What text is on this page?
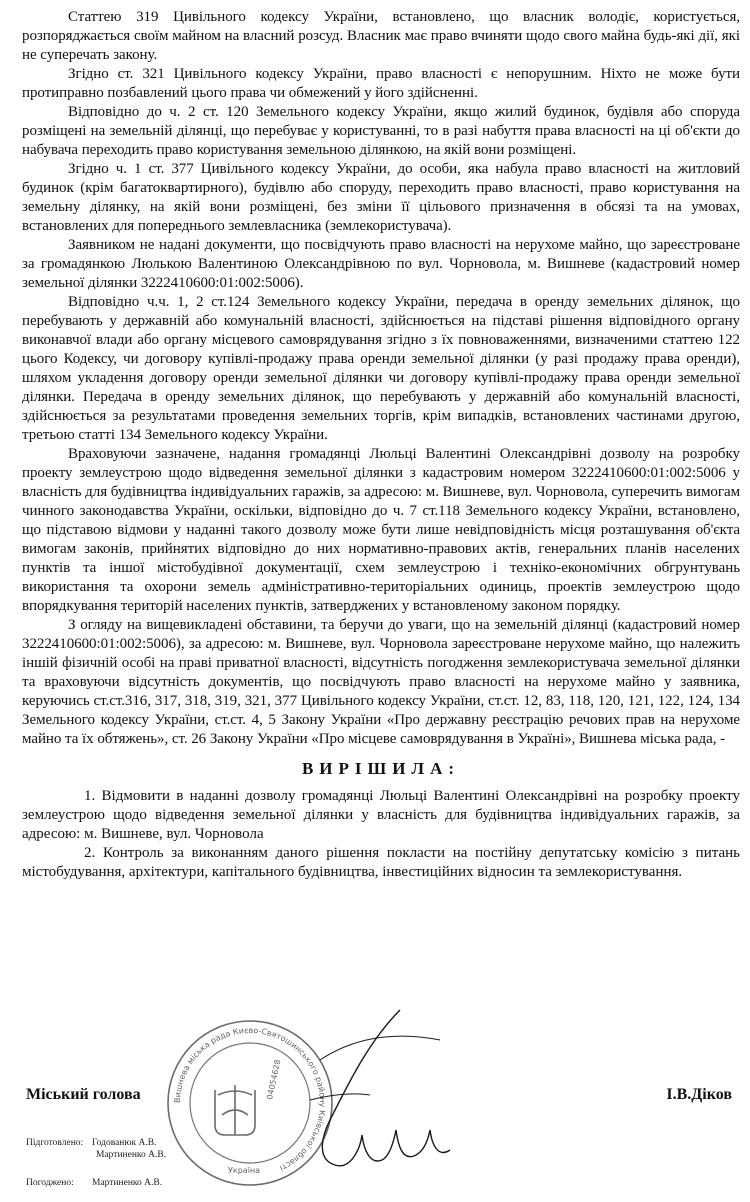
Статтею 319 Цивільного кодексу України, встановлено, що власник володіє, користується, розпоряджається своїм майном на власний розсуд. Власник має право вчиняти щодо свого майна будь-які дії, які не суперечать закону.

Згідно ст. 321 Цивільного кодексу України, право власності є непорушним. Ніхто не може бути протиправно позбавлений цього права чи обмежений у його здійсненні.

Відповідно до ч. 2 ст. 120 Земельного кодексу України, якщо жилий будинок, будівля або споруда розміщені на земельній ділянці, що перебуває у користуванні, то в разі набуття права власності на ці об'єкти до набувача переходить право користування земельною ділянкою, на якій вони розміщені.

Згідно ч. 1 ст. 377 Цивільного кодексу України, до особи, яка набула право власності на житловий будинок (крім багатоквартирного), будівлю або споруду, переходить право власності, право користування на земельну ділянку, на якій вони розміщені, без зміни її цільового призначення в обсязі та на умовах, встановлених для попереднього землевласника (землекористувача).

Заявником не надані документи, що посвідчують право власності на нерухоме майно, що зареєстроване за громадянкою Люлькою Валентиною Олександрівною по вул. Чорновола, м. Вишневе (кадастровий номер земельної ділянки 3222410600:01:002:5006).

Відповідно ч.ч. 1, 2 ст.124 Земельного кодексу України, передача в оренду земельних ділянок, що перебувають у державній або комунальній власності, здійснюється на підставі рішення відповідного органу виконавчої влади або органу місцевого самоврядування згідно з їх повноваженнями, визначеними статтею 122 цього Кодексу, чи договору купівлі-продажу права оренди земельної ділянки (у разі продажу права оренди), шляхом укладення договору оренди земельної ділянки чи договору купівлі-продажу права оренди земельної ділянки. Передача в оренду земельних ділянок, що перебувають у державній або комунальній власності, здійснюється за результатами проведення земельних торгів, крім випадків, встановлених частинами другою, третьою статті 134 Земельного кодексу України.

Враховуючи зазначене, надання громадянці Люльці Валентині Олександрівні дозволу на розробку проекту землеустрою щодо відведення земельної ділянки з кадастровим номером 3222410600:01:002:5006 у власність для будівництва індивідуальних гаражів, за адресою: м. Вишневе, вул. Чорновола, суперечить вимогам чинного законодавства України, оскільки, відповідно до ч. 7 ст.118 Земельного кодексу України, встановлено, що підставою відмови у наданні такого дозволу може бути лише невідповідність місця розташування об'єкта вимогам законів, прийнятих відповідно до них нормативно-правових актів, генеральних планів населених пунктів та іншої містобудівної документації, схем землеустрою і техніко-економічних обгрунтувань використання та охорони земель адміністративно-територіальних одиниць, проектів землеустрою щодо впорядкування територій населених пунктів, затверджених у встановленому законом порядку.

З огляду на вищевикладені обставини, та беручи до уваги, що на земельній ділянці (кадастровий номер 3222410600:01:002:5006), за адресою: м. Вишневе, вул. Чорновола зареєстроване нерухоме майно, що належить іншій фізичній особі на праві приватної власності, відсутність погодження землекористувача земельної ділянки та враховуючи відсутність документів, що посвідчують право власності на нерухоме майно у заявника, керуючись ст.ст.316, 317, 318, 319, 321, 377 Цивільного кодексу України, ст.ст. 12, 83, 118, 120, 121, 122, 124, 134 Земельного кодексу України, ст.ст. 4, 5 Закону України «Про державну реєстрацію речових прав на нерухоме майно та їх обтяжень», ст. 26 Закону України «Про місцеве самоврядування в Україні», Вишнева міська рада, -

ВИРІШИЛА:

1. Відмовити в наданні дозволу громадянці Люльці Валентині Олександрівні на розробку проекту землеустрою щодо відведення земельної ділянки у власність для будівництва індивідуальних гаражів, за адресою: м. Вишневе, вул. Чорновола

2. Контроль за виконанням даного рішення покласти на постійну депутатську комісію з питань містобудування, архітектури, капітального будівництва, інвестиційних відносин та землекористування.

Вишнева міська рада Києво-Святошинського району Київської області
04054628
Україна
Міський голова	І.В.Діков
Підготовлено: Годованюк А.В.
Мартиненко А.В.
Погоджено: Мартиненко А.В.
